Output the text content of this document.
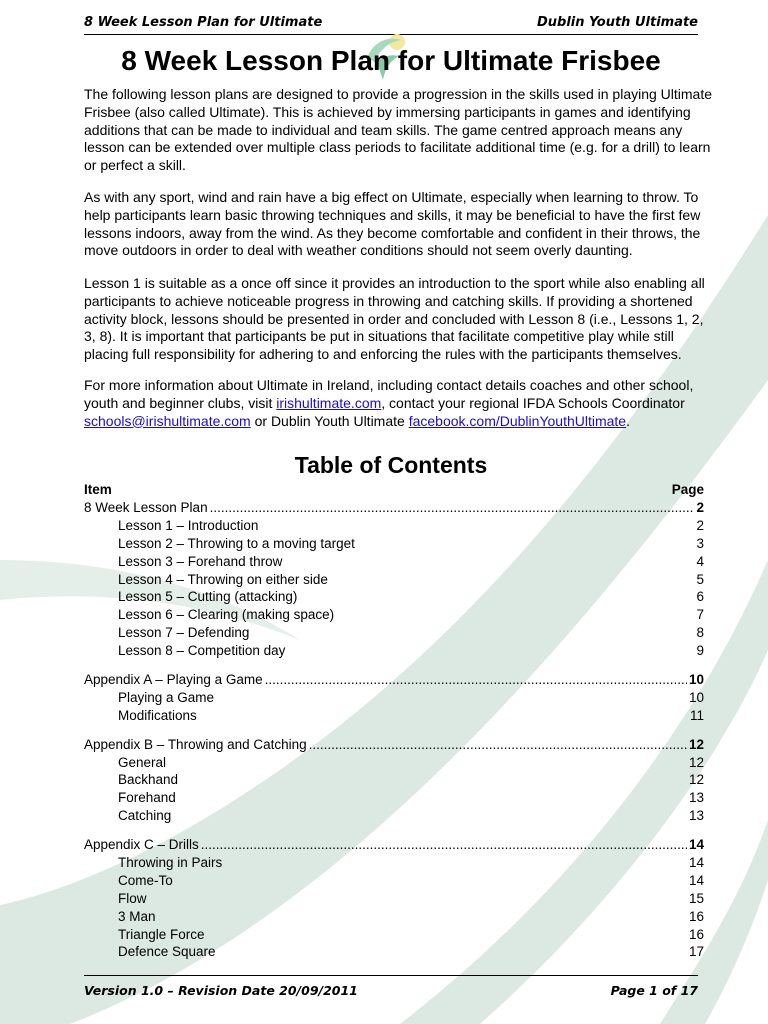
8 Week Lesson Plan for Ultimate	Dublin Youth Ultimate
8 Week Lesson Plan for Ultimate Frisbee

The following lesson plans are designed to provide a progression in the skills used in playing Ultimate Frisbee (also called Ultimate). This is achieved by immersing participants in games and identifying additions that can be made to individual and team skills. The game centred approach means any lesson can be extended over multiple class periods to facilitate additional time (e.g. for a drill) to learn or perfect a skill.

As with any sport, wind and rain have a big effect on Ultimate, especially when learning to throw. To help participants learn basic throwing techniques and skills, it may be beneficial to have the first few lessons indoors, away from the wind. As they become comfortable and confident in their throws, the move outdoors in order to deal with weather conditions should not seem overly daunting.

Lesson 1 is suitable as a once off since it provides an introduction to the sport while also enabling all participants to achieve noticeable progress in throwing and catching skills. If providing a shortened activity block, lessons should be presented in order and concluded with Lesson 8 (i.e., Lessons 1, 2, 3, 8). It is important that participants be put in situations that facilitate competitive play while still placing full responsibility for adhering to and enforcing the rules with the participants themselves.

For more information about Ultimate in Ireland, including contact details coaches and other school, youth and beginner clubs, visit irishultimate.com, contact your regional IFDA Schools Coordinator schools@irishultimate.com or Dublin Youth Ultimate facebook.com/DublinYouthUltimate.

Table of Contents
Item	Page
8 Week Lesson Plan .....	2
Lesson 1 – Introduction	2
Lesson 2 – Throwing to a moving target	3
Lesson 3 – Forehand throw	4
Lesson 4 – Throwing on either side	5
Lesson 5 – Cutting (attacking)	6
Lesson 6 – Clearing (making space)	7
Lesson 7 – Defending	8
Lesson 8 – Competition day	9
Appendix A – Playing a Game .....	10
Playing a Game	10
Modifications	11
Appendix B – Throwing and Catching .....	12
General	12
Backhand	12
Forehand	13
Catching	13
Appendix C – Drills .....	14
Throwing in Pairs	14
Come-To	14
Flow	15
3 Man	16
Triangle Force	16
Defence Square	17
Version 1.0 – Revision Date 20/09/2011	Page 1 of 17
